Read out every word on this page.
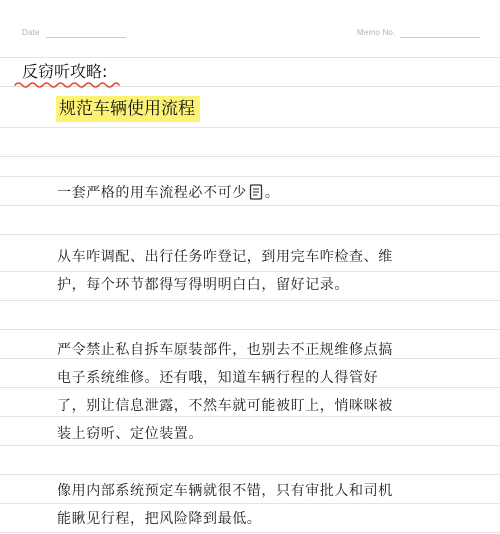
Date	Memo No.
反窃听攻略:
规范车辆使用流程
一套严格的用车流程必不可少 。
从车咋调配、出行任务咋登记，到用完车咋检查、维
护，每个环节都得写得明明白白，留好记录。
严令禁止私自拆车原装部件，也别去不正规维修点搞
电子系统维修。还有哦，知道车辆行程的人得管好
了，别让信息泄露，不然车就可能被盯上，悄咪咪被
装上窃听、定位装置。
像用内部系统预定车辆就很不错，只有审批人和司机
能瞅见行程，把风险降到最低。
